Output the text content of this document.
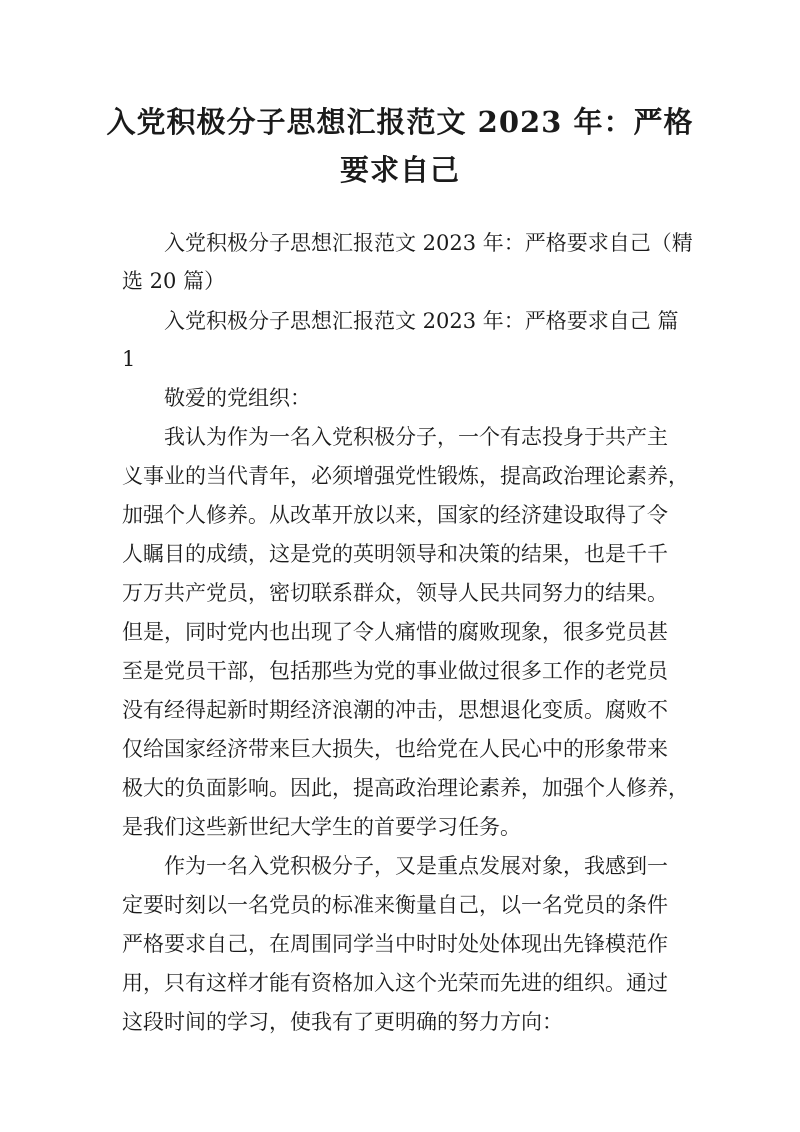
入党积极分子思想汇报范文 2023 年：严格
要求自己

入党积极分子思想汇报范文 2023 年：严格要求自己（精

选 20 篇）

入党积极分子思想汇报范文 2023 年：严格要求自己 篇

1

敬爱的党组织：

我认为作为一名入党积极分子，一个有志投身于共产主

义事业的当代青年，必须增强党性锻炼，提高政治理论素养，

加强个人修养。从改革开放以来，国家的经济建设取得了令

人瞩目的成绩，这是党的英明领导和决策的结果，也是千千

万万共产党员，密切联系群众，领导人民共同努力的结果。

但是，同时党内也出现了令人痛惜的腐败现象，很多党员甚

至是党员干部，包括那些为党的事业做过很多工作的老党员

没有经得起新时期经济浪潮的冲击，思想退化变质。腐败不

仅给国家经济带来巨大损失，也给党在人民心中的形象带来

极大的负面影响。因此，提高政治理论素养，加强个人修养，

是我们这些新世纪大学生的首要学习任务。

作为一名入党积极分子，又是重点发展对象，我感到一

定要时刻以一名党员的标准来衡量自己，以一名党员的条件

严格要求自己，在周围同学当中时时处处体现出先锋模范作

用，只有这样才能有资格加入这个光荣而先进的组织。通过

这段时间的学习，使我有了更明确的努力方向：
